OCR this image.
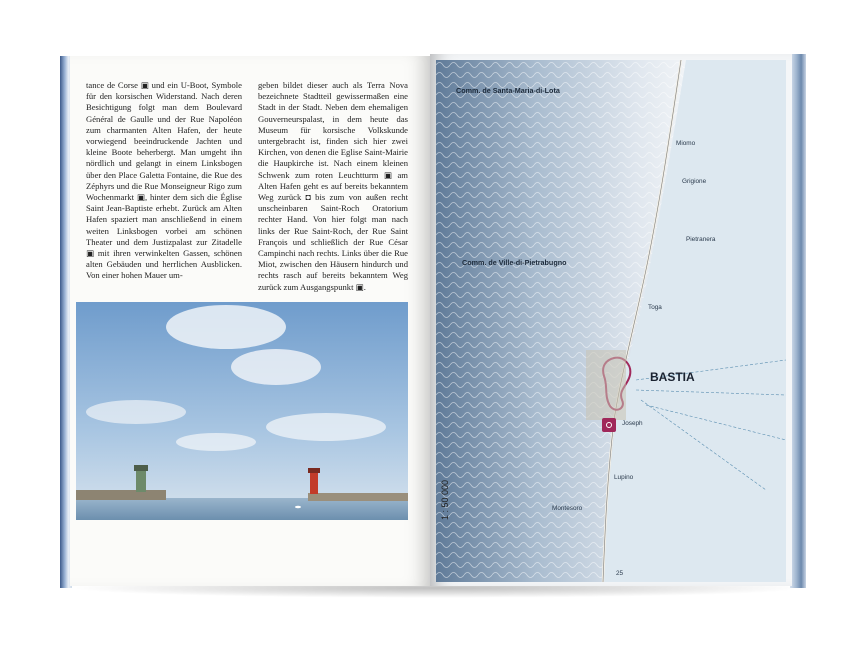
tance de Corse ▣ und ein U-Boot, Symbole für den korsischen Widerstand. Nach deren Besichtigung folgt man dem Boulevard Général de Gaulle und der Rue Napoléon zum charmanten Alten Hafen, der heute vorwiegend beeindruckende Jachten und kleine Boote beherbergt. Man umgeht ihn nördlich und gelangt in einem Linksbogen über den Place Galetta Fontaine, die Rue des Zéphyrs und die Rue Monseigneur Rigo zum Wochenmarkt ▣, hinter dem sich die Église Saint Jean-Baptiste erhebt. Zurück am Alten Hafen spaziert man anschließend in einem weiten Linksbogen vorbei am schönen Theater und dem Justizpalast zur Zitadelle ▣ mit ihren verwinkelten Gassen, schönen alten Gebäuden und herrlichen Ausblicken. Von einer hohen Mauer um-
geben bildet dieser auch als Terra Nova bezeichnete Stadtteil gewissermaßen eine Stadt in der Stadt. Neben dem ehemaligen Gouverneurspalast, in dem heute das Museum für korsische Volkskunde untergebracht ist, finden sich hier zwei Kirchen, von denen die Eglise Saint-Mairie die Haupkirche ist. Nach einem kleinen Schwenk zum roten Leuchtturm ▣ am Alten Hafen geht es auf bereits bekanntem Weg zurück ◘ bis zum von außen recht unscheinbaren Saint-Roch Oratorium rechter Hand. Von hier folgt man nach links der Rue Saint-Roch, der Rue Saint François und schließlich der Rue César Campinchi nach rechts. Links über die Rue Miot, zwischen den Häusern hindurch und rechts rasch auf bereits bekanntem Weg zurück zum Ausgangspunkt ▣.
Comm. de Santa-Maria-di-Lota
Comm. de Ville-di-Pietrabugno
Miomo
Grigione
Pietranera
Toga
Lupino
Montesoro
Joseph
BASTIA
1 : 50 000
25
